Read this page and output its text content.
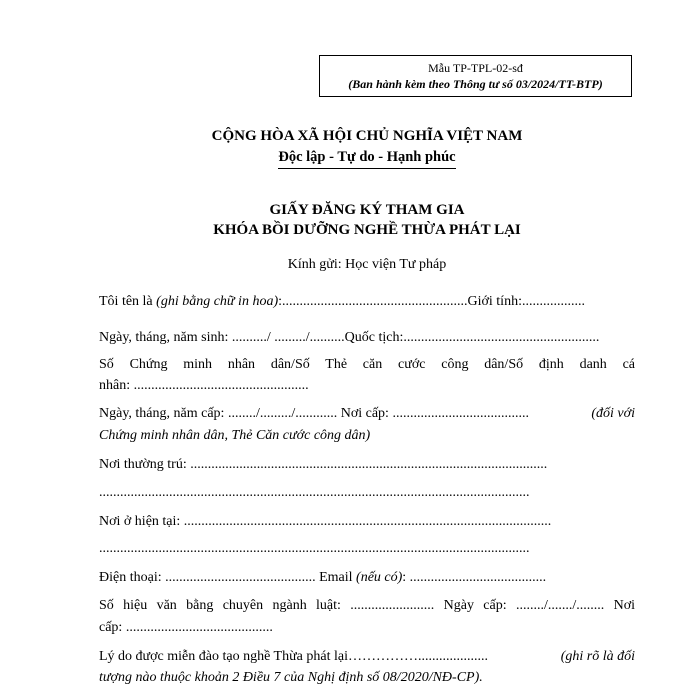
Mẫu TP-TPL-02-sđ
(Ban hành kèm theo Thông tư số 03/2024/TT-BTP)
CỘNG HÒA XÃ HỘI CHỦ NGHĨA VIỆT NAM
Độc lập - Tự do - Hạnh phúc
GIẤY ĐĂNG KÝ THAM GIA
KHÓA BỒI DƯỠNG NGHỀ THỪA PHÁT LẠI
Kính gửi: Học viện Tư pháp
Tôi tên là (ghi bằng chữ in hoa):.....................................................Giới tính:..................
Ngày, tháng, năm sinh: ........../ ........./..........Quốc tịch:........................................................
Số Chứng minh nhân dân/Số Thẻ căn cước công dân/Số định danh cá
nhân: ..................................................
Ngày, tháng, năm cấp: ......../........./............ Nơi cấp: .......................................	(đối với
Chứng minh nhân dân, Thẻ Căn cước công dân)
Nơi thường trú: ......................................................................................................
...........................................................................................................................
Nơi ở hiện tại: .........................................................................................................
...........................................................................................................................
Điện thoại: ........................................... Email (nếu có): .......................................
Số hiệu văn bằng chuyên ngành luật: ........................ Ngày cấp: ......../......./........ Nơi
cấp: ..........................................
Lý do được miễn đào tạo nghề Thừa phát lại……………....................	(ghi rõ là đối
tượng nào thuộc khoản 2 Điều 7 của Nghị định số 08/2020/NĐ-CP).
